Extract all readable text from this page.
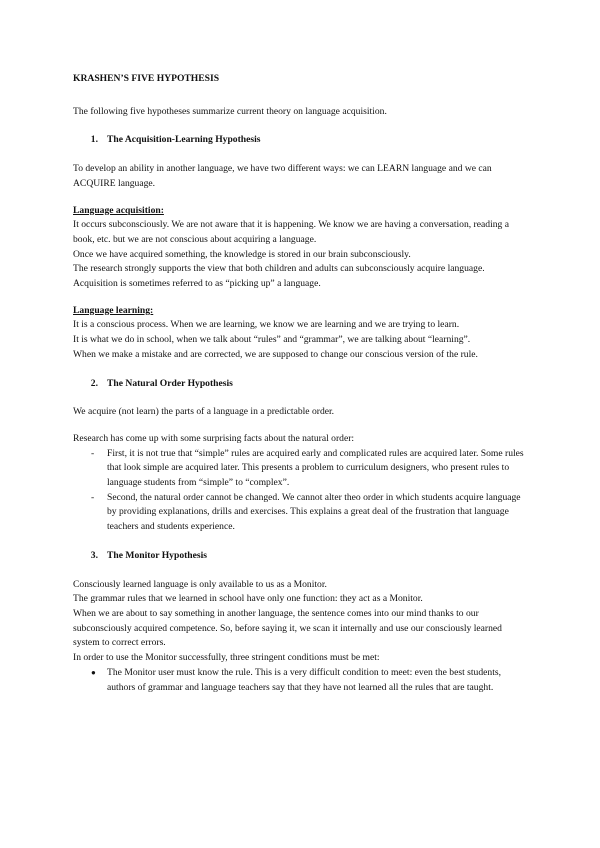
KRASHEN’S FIVE HYPOTHESIS

The following five hypotheses summarize current theory on language acquisition.

1. The Acquisition-Learning Hypothesis

To develop an ability in another language, we have two different ways: we can LEARN language and we can ACQUIRE language.

Language acquisition:

It occurs subconsciously. We are not aware that it is happening. We know we are having a conversation, reading a book, etc. but we are not conscious about acquiring a language.

Once we have acquired something, the knowledge is stored in our brain subconsciously.

The research strongly supports the view that both children and adults can subconsciously acquire language.

Acquisition is sometimes referred to as “picking up” a language.

Language learning:

It is a conscious process. When we are learning, we know we are learning and we are trying to learn.

It is what we do in school, when we talk about “rules” and “grammar”, we are talking about “learning”.

When we make a mistake and are corrected, we are supposed to change our conscious version of the rule.

2. The Natural Order Hypothesis

We acquire (not learn) the parts of a language in a predictable order.

Research has come up with some surprising facts about the natural order:

-	First, it is not true that “simple” rules are acquired early and complicated rules are acquired later. Some rules that look simple are acquired later. This presents a problem to curriculum designers, who present rules to language students from “simple” to “complex”.
-	Second, the natural order cannot be changed. We cannot alter theo order in which students acquire language by providing explanations, drills and exercises. This explains a great deal of the frustration that language teachers and students experience.
3. The Monitor Hypothesis

Consciously learned language is only available to us as a Monitor.

The grammar rules that we learned in school have only one function: they act as a Monitor.

When we are about to say something in another language, the sentence comes into our mind thanks to our subconsciously acquired competence. So, before saying it, we scan it internally and use our consciously learned system to correct errors.

In order to use the Monitor successfully, three stringent conditions must be met:

●	The Monitor user must know the rule. This is a very difficult condition to meet: even the best students, authors of grammar and language teachers say that they have not learned all the rules that are taught.
